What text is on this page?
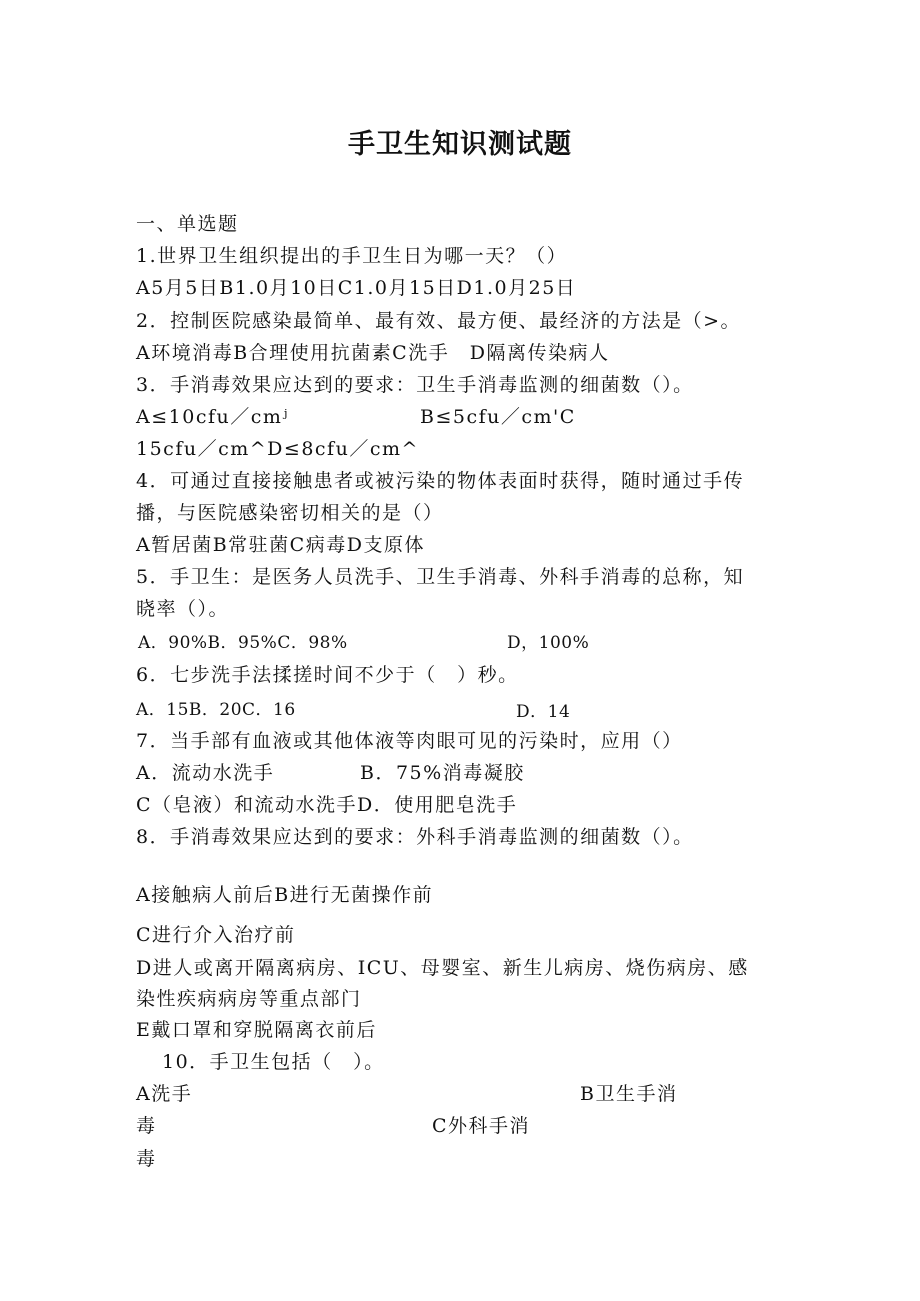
手卫生知识测试题
一、单选题
1.世界卫生组织提出的手卫生日为哪一天？（）
A5月5日B1.0月10日C1.0月15日D1.0月25日
2．控制医院感染最简单、最有效、最方便、最经济的方法是（>。
A环境消毒B合理使用抗菌素C洗手　D隔离传染病人
3．手消毒效果应达到的要求：卫生手消毒监测的细菌数（）。
A≤10cfu／cmʲ	B≤5cfu／cm'C
15cfu／cm^D≤8cfu／cm^
4．可通过直接接触患者或被污染的物体表面时获得，随时通过手传
播，与医院感染密切相关的是（）
A暂居菌B常驻菌C病毒D支原体
5．手卫生：是医务人员洗手、卫生手消毒、外科手消毒的总称，知
晓率（）。
A．90%B．95%C．98%	D，100%
6．七步洗手法揉搓时间不少于（　）秒。
A．15B．20C．16	D．14
7．当手部有血液或其他体液等肉眼可见的污染时，应用（）
A．流动水洗手	B．75%消毒凝胶
C（皂液）和流动水洗手D．使用肥皂洗手
8．手消毒效果应达到的要求：外科手消毒监测的细菌数（）。
A接触病人前后B进行无菌操作前
C进行介入治疗前
D进人或离开隔离病房、ICU、母婴室、新生儿病房、烧伤病房、感
染性疾病病房等重点部门
E戴口罩和穿脱隔离衣前后
10．手卫生包括（　）。
A洗手	B卫生手消
毒	C外科手消
毒
